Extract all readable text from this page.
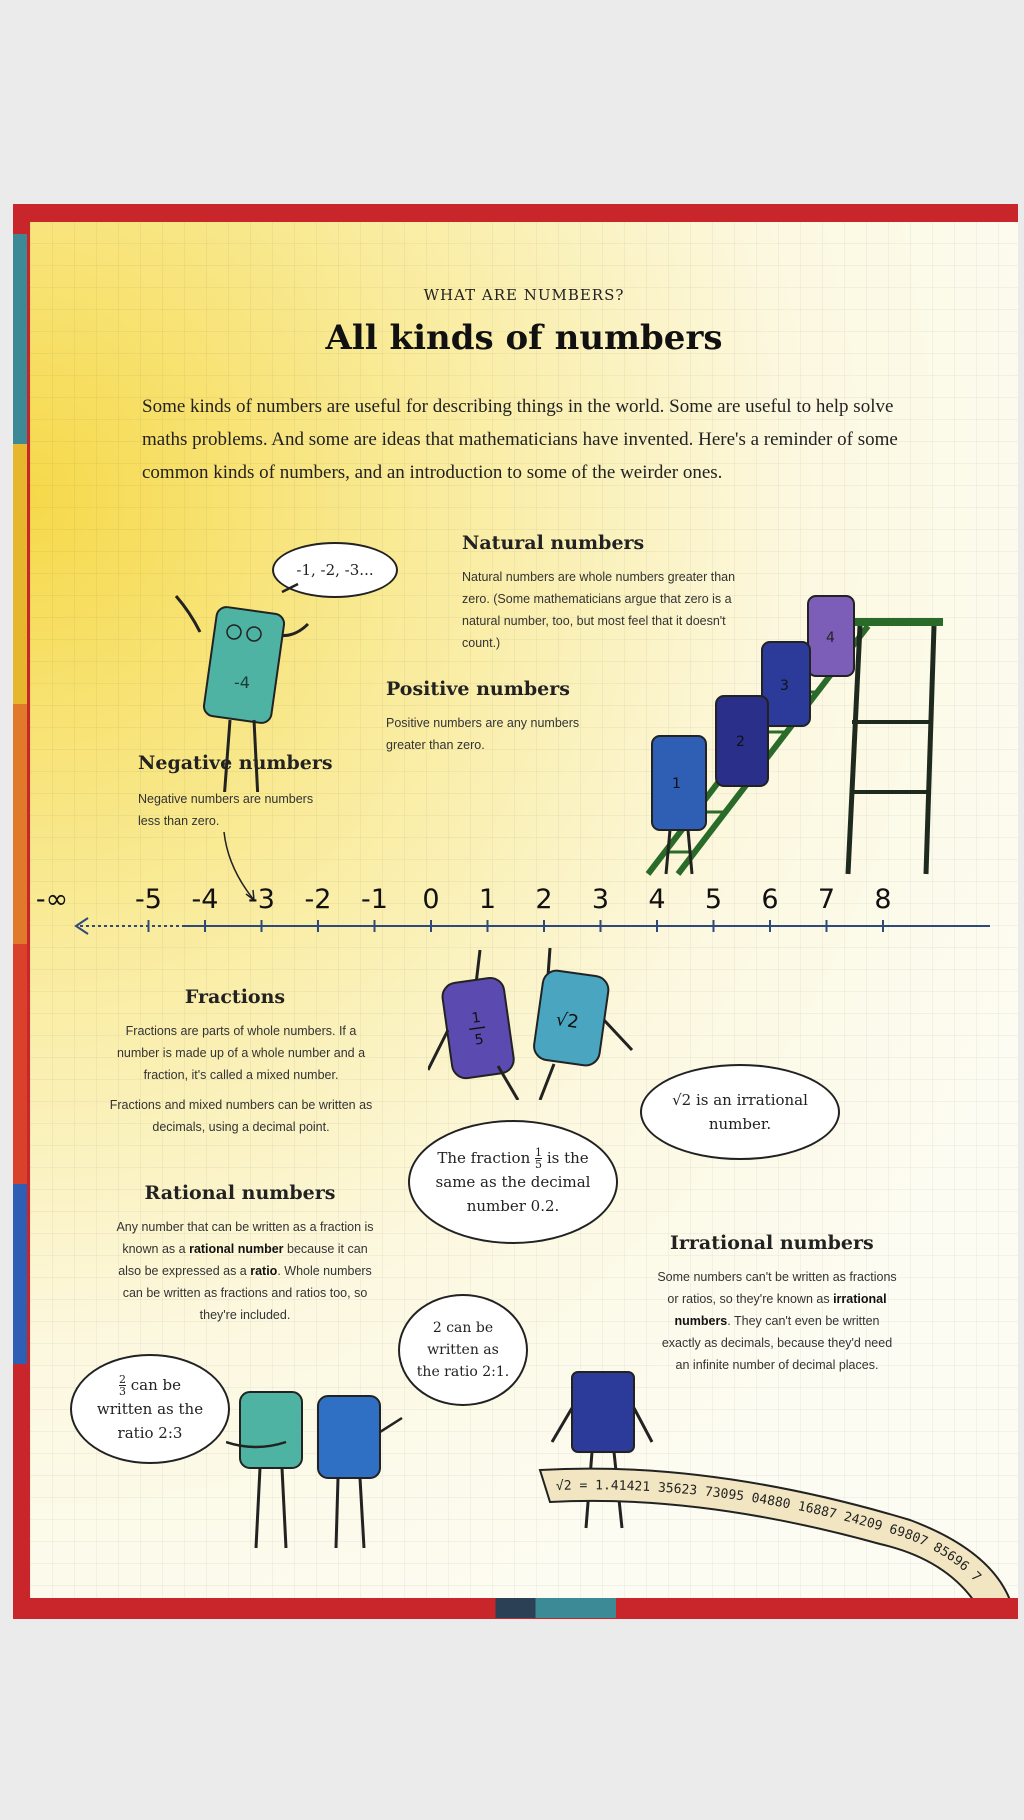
WHAT ARE NUMBERS?
All kinds of numbers
Some kinds of numbers are useful for describing things in the world. Some are useful to help solve maths problems. And some are ideas that mathematicians have invented. Here's a reminder of some common kinds of numbers, and an introduction to some of the weirder ones.
-1, -2, -3...
-4
Natural numbers
Natural numbers are whole numbers greater than zero. (Some mathematicians argue that zero is a natural number, too, but most feel that it doesn't count.)
Positive numbers
Positive numbers are any numbers greater than zero.
Negative numbers
Negative numbers are numbers less than zero.
4
3
2
1
-∞ -5 -4 -3 -2 -1	0	1	2	3	4	5	6	7	8
Fractions
Fractions are parts of whole numbers. If a number is made up of a whole number and a fraction, it's called a mixed number.
Fractions and mixed numbers can be written as decimals, using a decimal point.
1
5
√2
The fraction $\frac{1}{5}$ is the same as the decimal number 0.2.
√2 is an irrational number.
Rational numbers
Any number that can be written as a fraction is known as a rational number because it can also be expressed as a ratio. Whole numbers can be written as fractions and ratios too, so they're included.
$\frac{2}{3}$ can be written as the ratio 2:3
2 can be written as the ratio 2:1.
Irrational numbers
Some numbers can't be written as fractions or ratios, so they're known as irrational numbers. They can't even be written exactly as decimals, because they'd need an infinite number of decimal places.
√2 = 1.41421 35623 73095 04880 16887 24209 69807 85696 7
